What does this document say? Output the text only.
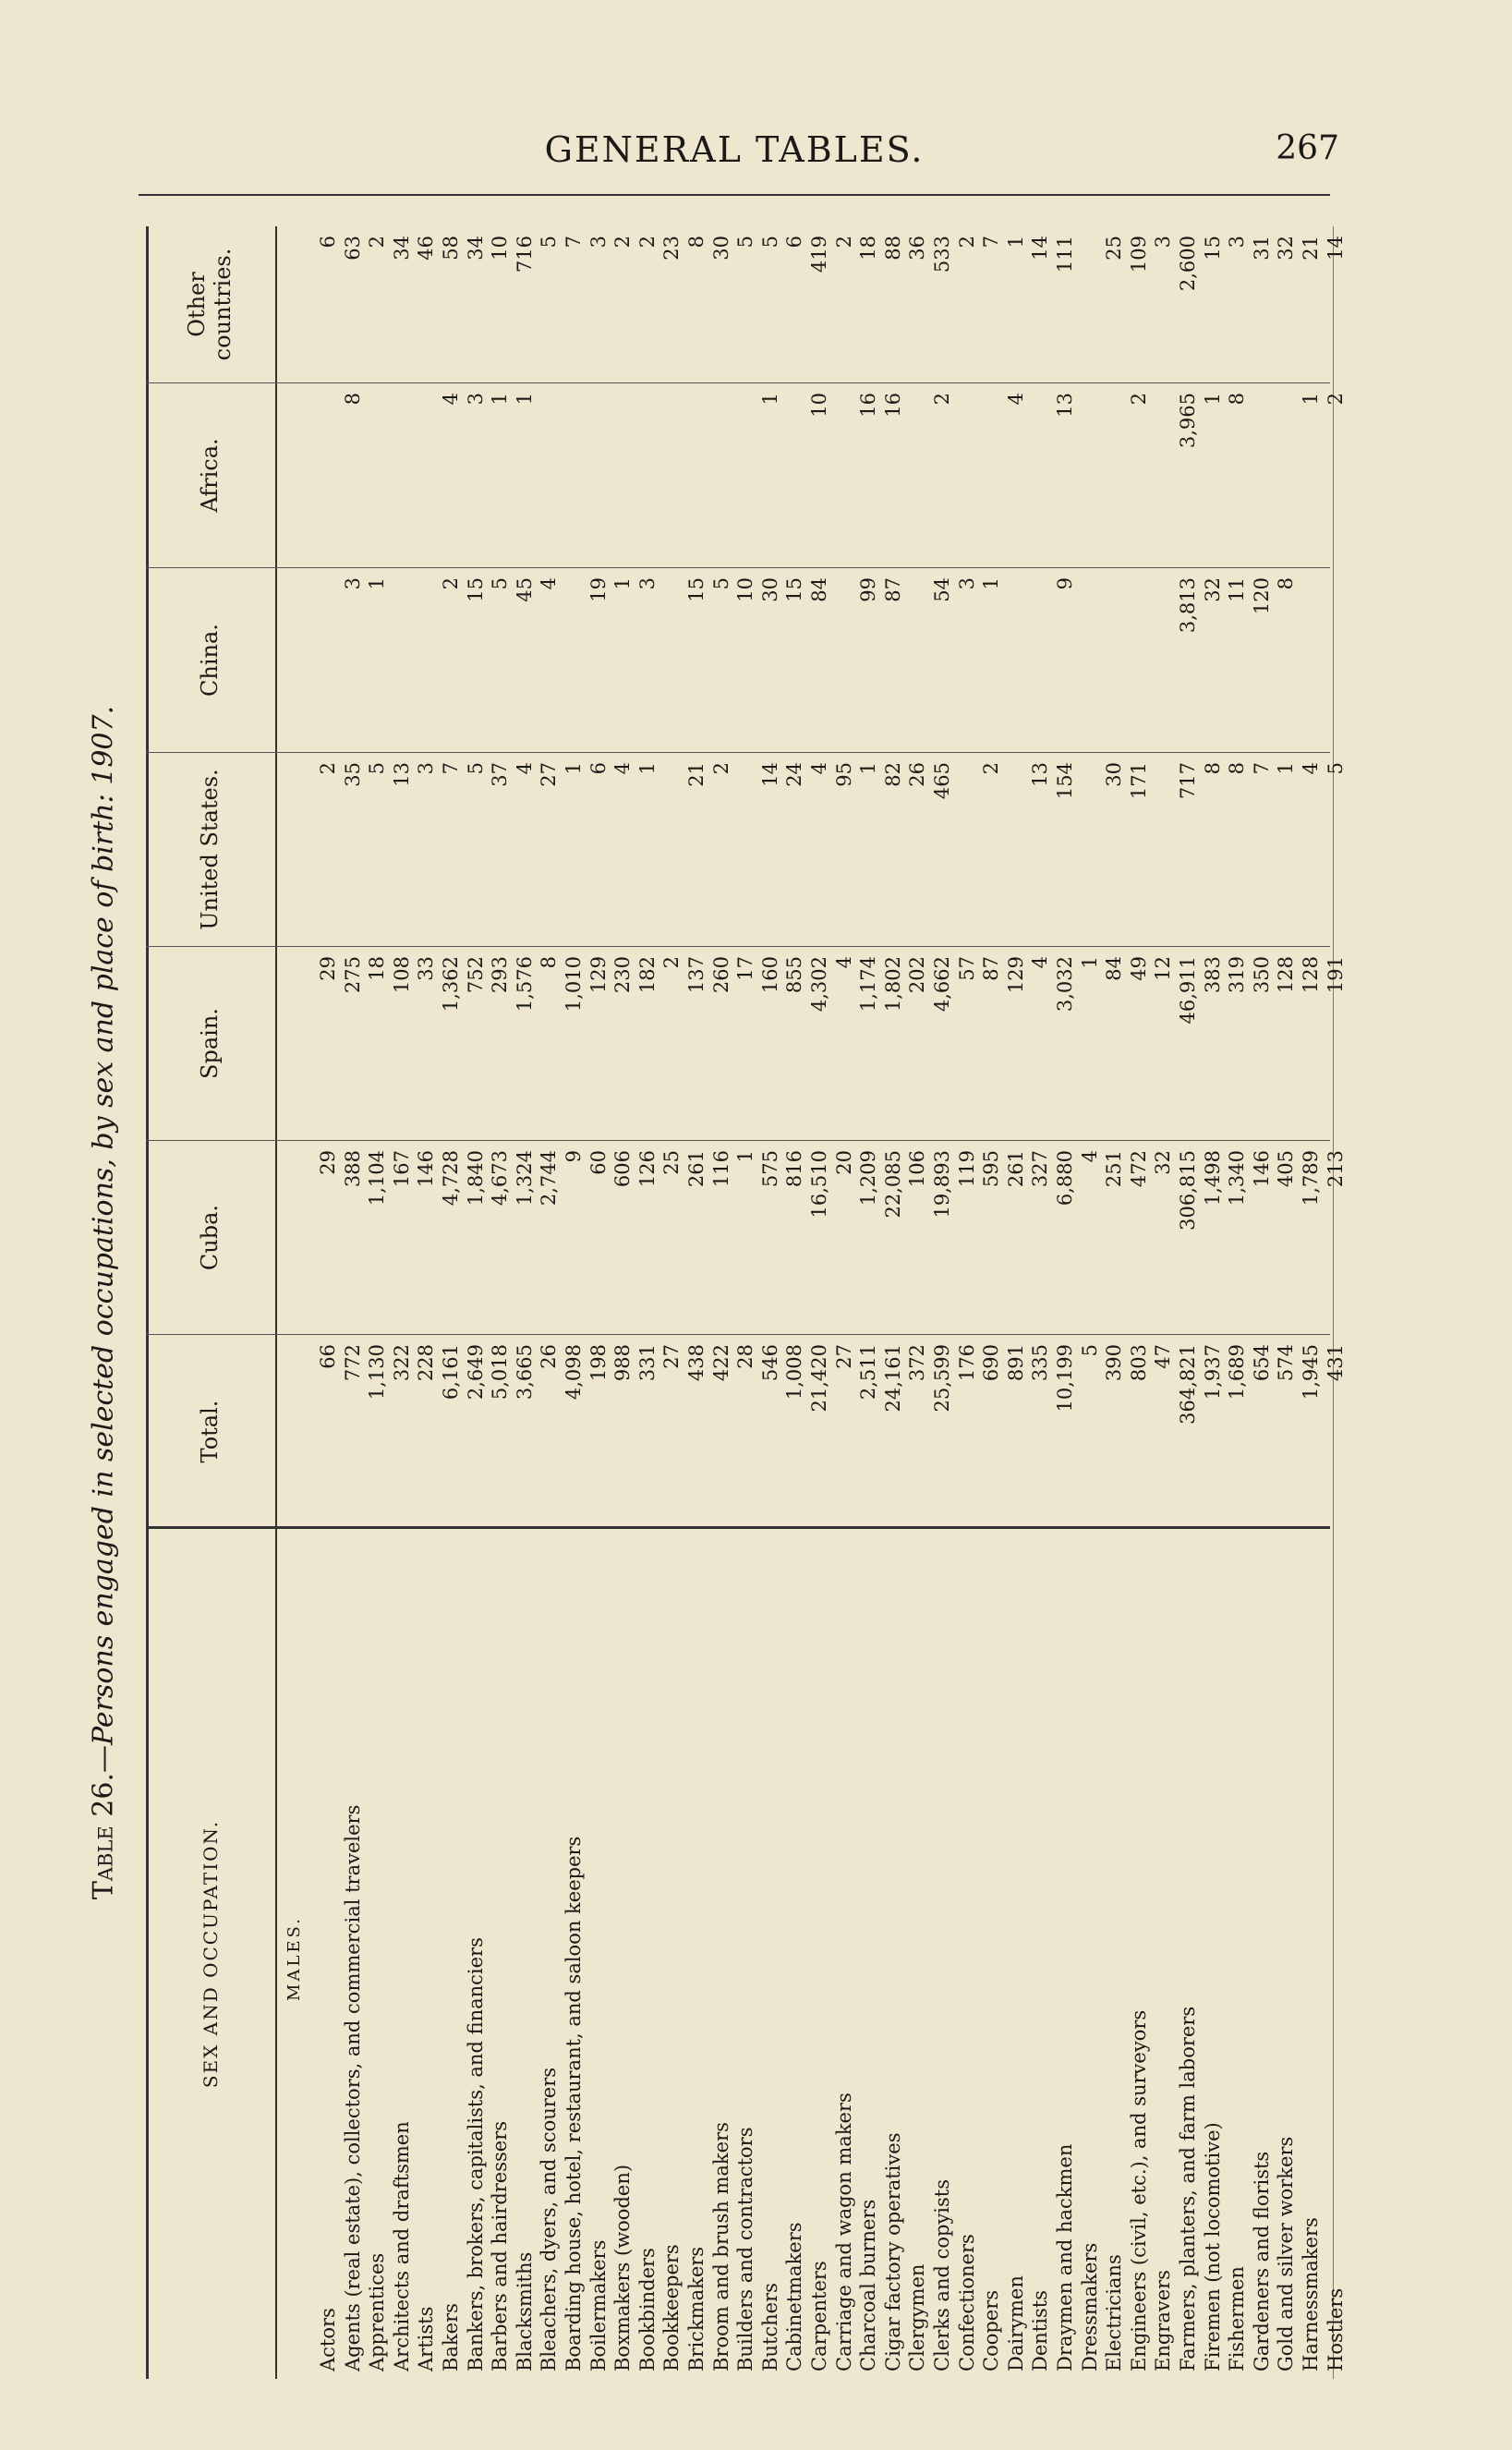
GENERAL TABLES.	267
Table 26.—Persons engaged in selected occupations, by sex and place of birth: 1907.
SEX AND OCCUPATION.
Total.
Cuba.
Spain.
United States.
China.
Africa.
Other countries.
MALES.
Actors
66
29
29
2
6
Agents (real estate), collectors, and commercial travelers
772
388
275
35
3
8
63
Apprentices
1,130
1,104
18
5
1
2
Architects and draftsmen
322
167
108
13
34
Artists
228
146
33
3
46
Bakers
6,161
4,728
1,362
7
2
4
58
Bankers, brokers, capitalists, and financiers
2,649
1,840
752
5
15
3
34
Barbers and hairdressers
5,018
4,673
293
37
5
1
10
Blacksmiths
3,665
1,324
1,576
4
45
1
716
Bleachers, dyers, and scourers
26
2,744
8
27
4
5
Boarding house, hotel, restaurant, and saloon keepers
4,098
9
1,010
1
7
Boilermakers
198
60
129
6
19
3
Boxmakers (wooden)
988
606
230
4
1
2
Bookbinders
331
126
182
1
3
2
Bookkeepers
27
25
2
23
Brickmakers
438
261
137
21
15
8
Broom and brush makers
422
116
260
2
5
30
Builders and contractors
28
1
17
10
5
Butchers
546
575
160
14
30
1
5
Cabinetmakers
1,008
816
855
24
15
6
Carpenters
21,420
16,510
4,302
4
84
10
419
Carriage and wagon makers
27
20
4
95
2
Charcoal burners
2,511
1,209
1,174
1
99
16
18
Cigar factory operatives
24,161
22,085
1,802
82
87
16
88
Clergymen
372
106
202
26
36
Clerks and copyists
25,599
19,893
4,662
465
54
2
533
Confectioners
176
119
57
3
2
Coopers
690
595
87
2
1
7
Dairymen
891
261
129
4
1
Dentists
335
327
4
13
14
Draymen and hackmen
10,199
6,880
3,032
154
9
13
111
Dressmakers
5
4
1
Electricians
390
251
84
30
25
Engineers (civil, etc.), and surveyors
803
472
49
171
2
109
Engravers
47
32
12
3
Farmers, planters, and farm laborers
364,821
306,815
46,911
717
3,813
3,965
2,600
Firemen (not locomotive)
1,937
1,498
383
8
32
1
15
Fishermen
1,689
1,340
319
8
11
8
3
Gardeners and florists
654
146
350
7
120
31
Gold and silver workers
574
405
128
1
8
32
Harnessmakers
1,945
1,789
128
4
1
21
Hostlers
431
213
191
5
2
14
